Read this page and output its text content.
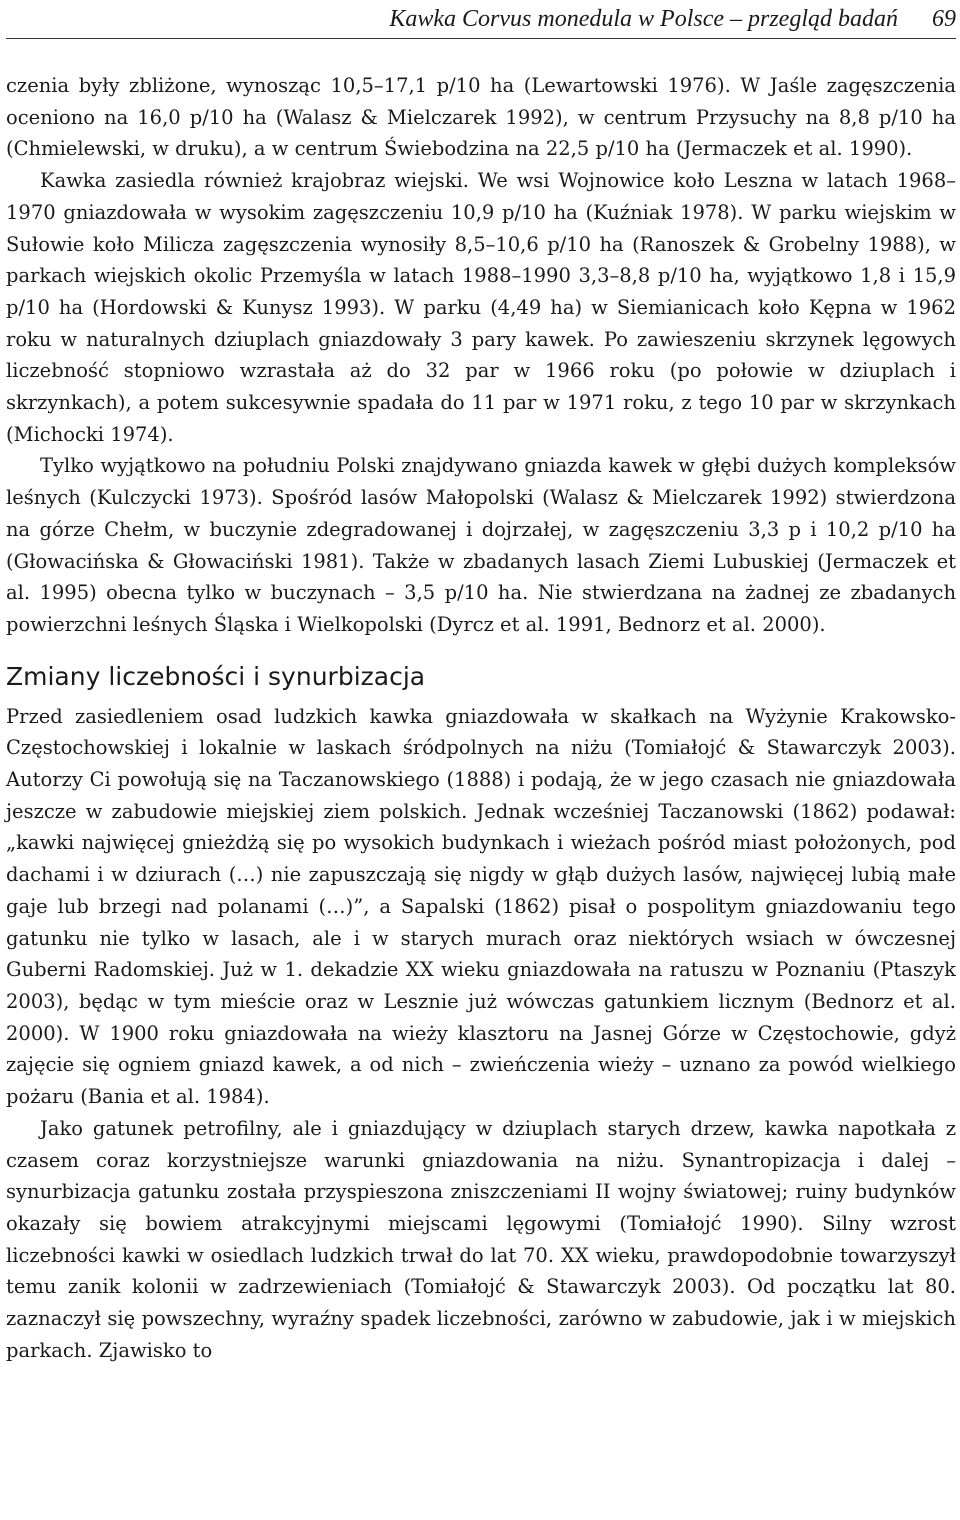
Kawka Corvus monedula w Polsce – przegląd badań 69

czenia były zbliżone, wynosząc 10,5–17,1 p/10 ha (Lewartowski 1976). W Jaśle zagęszczenia oceniono na 16,0 p/10 ha (Walasz & Mielczarek 1992), w centrum Przysuchy na 8,8 p/10 ha (Chmielewski, w druku), a w centrum Świebodzina na 22,5 p/10 ha (Jermaczek et al. 1990).

Kawka zasiedla również krajobraz wiejski. We wsi Wojnowice koło Leszna w latach 1968–1970 gniazdowała w wysokim zagęszczeniu 10,9 p/10 ha (Kuźniak 1978). W parku wiejskim w Sułowie koło Milicza zagęszczenia wynosiły 8,5–10,6 p/10 ha (Ranoszek & Grobelny 1988), w parkach wiejskich okolic Przemyśla w latach 1988–1990 3,3–8,8 p/10 ha, wyjątkowo 1,8 i 15,9 p/10 ha (Hordowski & Kunysz 1993). W parku (4,49 ha) w Siemianicach koło Kępna w 1962 roku w naturalnych dziuplach gniazdowały 3 pary kawek. Po zawieszeniu skrzynek lęgowych liczebność stopniowo wzrastała aż do 32 par w 1966 roku (po połowie w dziuplach i skrzynkach), a potem sukcesywnie spadała do 11 par w 1971 roku, z tego 10 par w skrzynkach (Michocki 1974).

Tylko wyjątkowo na południu Polski znajdywano gniazda kawek w głębi dużych kompleksów leśnych (Kulczycki 1973). Spośród lasów Małopolski (Walasz & Mielczarek 1992) stwierdzona na górze Chełm, w buczynie zdegradowanej i dojrzałej, w zagęszczeniu 3,3 p i 10,2 p/10 ha (Głowacińska & Głowaciński 1981). Także w zbadanych lasach Ziemi Lubuskiej (Jermaczek et al. 1995) obecna tylko w buczynach – 3,5 p/10 ha. Nie stwierdzana na żadnej ze zbadanych powierzchni leśnych Śląska i Wielkopolski (Dyrcz et al. 1991, Bednorz et al. 2000).

Zmiany liczebności i synurbizacja

Przed zasiedleniem osad ludzkich kawka gniazdowała w skałkach na Wyżynie Krakowsko-Częstochowskiej i lokalnie w laskach śródpolnych na niżu (Tomiałojć & Stawarczyk 2003). Autorzy Ci powołują się na Taczanowskiego (1888) i podają, że w jego czasach nie gniazdowała jeszcze w zabudowie miejskiej ziem polskich. Jednak wcześniej Taczanowski (1862) podawał: „kawki najwięcej gnieżdżą się po wysokich budynkach i wieżach pośród miast położonych, pod dachami i w dziurach (…) nie zapuszczają się nigdy w głąb dużych lasów, najwięcej lubią małe gaje lub brzegi nad polanami (…)”, a Sapalski (1862) pisał o pospolitym gniazdowaniu tego gatunku nie tylko w lasach, ale i w starych murach oraz niektórych wsiach w ówczesnej Guberni Radomskiej. Już w 1. dekadzie XX wieku gniazdowała na ratuszu w Poznaniu (Ptaszyk 2003), będąc w tym mieście oraz w Lesznie już wówczas gatunkiem licznym (Bednorz et al. 2000). W 1900 roku gniazdowała na wieży klasztoru na Jasnej Górze w Częstochowie, gdyż zajęcie się ogniem gniazd kawek, a od nich – zwieńczenia wieży – uznano za powód wielkiego pożaru (Bania et al. 1984).

Jako gatunek petrofilny, ale i gniazdujący w dziuplach starych drzew, kawka napotkała z czasem coraz korzystniejsze warunki gniazdowania na niżu. Synantropizacja i dalej – synurbizacja gatunku została przyspieszona zniszczeniami II wojny światowej; ruiny budynków okazały się bowiem atrakcyjnymi miejscami lęgowymi (Tomiałojć 1990). Silny wzrost liczebności kawki w osiedlach ludzkich trwał do lat 70. XX wieku, prawdopodobnie towarzyszył temu zanik kolonii w zadrzewieniach (Tomiałojć & Stawarczyk 2003). Od początku lat 80. zaznaczył się powszechny, wyraźny spadek liczebności, zarówno w zabudowie, jak i w miejskich parkach. Zjawisko to
